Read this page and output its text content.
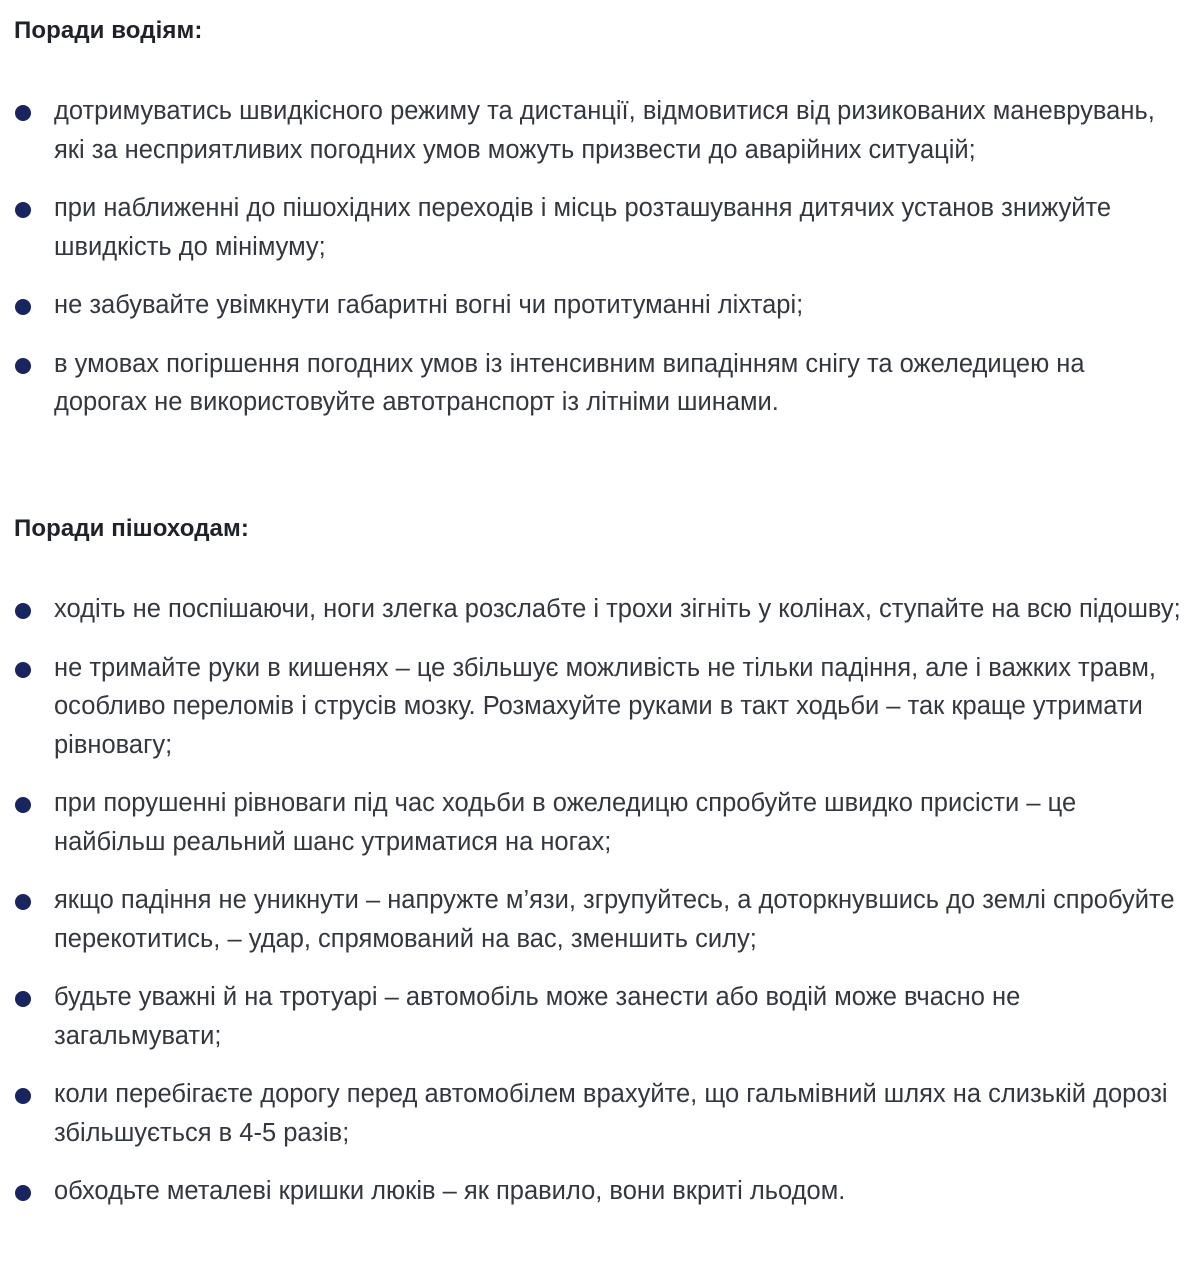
Поради водіям:
дотримуватись швидкісного режиму та дистанції, відмовитися від ризикованих маневрувань, які за несприятливих погодних умов можуть призвести до аварійних ситуацій;
при наближенні до пішохідних переходів і місць розташування дитячих установ знижуйте швидкість до мінімуму;
не забувайте увімкнути габаритні вогні чи протитуманні ліхтарі;
в умовах погіршення погодних умов із інтенсивним випадінням снігу та ожеледицею на дорогах не використовуйте автотранспорт із літніми шинами.
Поради пішоходам:
ходіть не поспішаючи, ноги злегка розслабте і трохи зігніть у колінах, ступайте на всю підошву;
не тримайте руки в кишенях – це збільшує можливість не тільки падіння, але і важких травм, особливо переломів і струсів мозку. Розмахуйте руками в такт ходьби – так краще утримати рівновагу;
при порушенні рівноваги під час ходьби в ожеледицю спробуйте швидко присісти – це найбільш реальний шанс утриматися на ногах;
якщо падіння не уникнути – напружте м’язи, згрупуйтесь, а доторкнувшись до землі спробуйте перекотитись, – удар, спрямований на вас, зменшить силу;
будьте уважні й на тротуарі – автомобіль може занести або водій може вчасно не загальмувати;
коли перебігаєте дорогу перед автомобілем врахуйте, що гальмівний шлях на слизькій дорозі збільшується в 4-5 разів;
обходьте металеві кришки люків – як правило, вони вкриті льодом.
